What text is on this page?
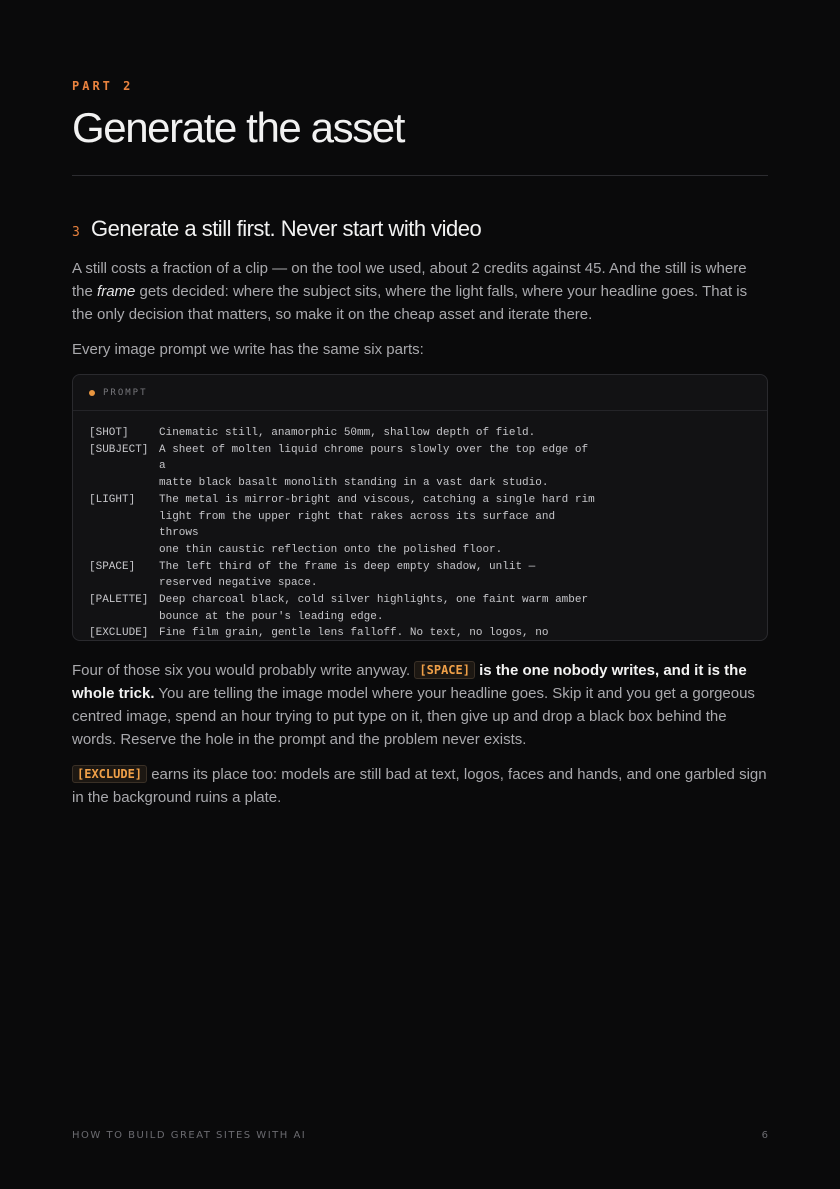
PART 2
Generate the asset
3 Generate a still first. Never start with video

A still costs a fraction of a clip — on the tool we used, about 2 credits against 45. And the still is where the frame gets decided: where the subject sits, where the light falls, where your headline goes. That is the only decision that matters, so make it on the cheap asset and iterate there.

Every image prompt we write has the same six parts:

PROMPT
[SHOT]	Cinematic still, anamorphic 50mm, shallow depth of field.
[SUBJECT] A sheet of molten liquid chrome pours slowly over the top edge of a
matte black basalt monolith standing in a vast dark studio.
[LIGHT]	The metal is mirror-bright and viscous, catching a single hard rim
light from the upper right that rakes across its surface and throws
one thin caustic reflection onto the polished floor.
[SPACE]	The left third of the frame is deep empty shadow, unlit —
reserved negative space.
[PALETTE] Deep charcoal black, cold silver highlights, one faint warm amber
bounce at the pour's leading edge.
[EXCLUDE] Fine film grain, gentle lens falloff. No text, no logos, no

Four of those six you would probably write anyway. [SPACE] is the one nobody writes, and it is the whole trick. You are telling the image model where your headline goes. Skip it and you get a gorgeous centred image, spend an hour trying to put type on it, then give up and drop a black box behind the words. Reserve the hole in the prompt and the problem never exists.

[EXCLUDE] earns its place too: models are still bad at text, logos, faces and hands, and one garbled sign in the background ruins a plate.

HOW TO BUILD GREAT SITES WITH AI	6
